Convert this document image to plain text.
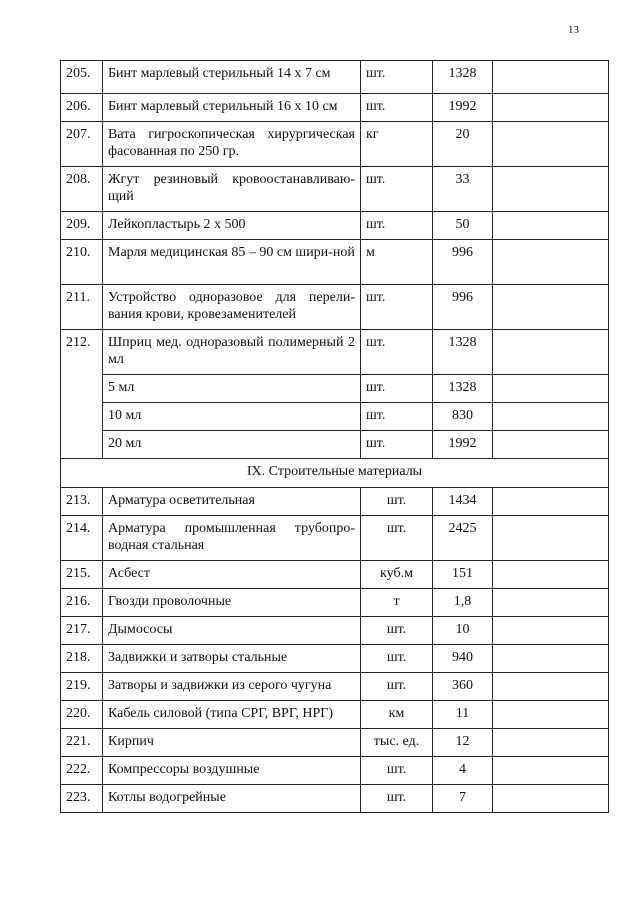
13
205.	Бинт марлевый стерильный 14 х 7 см	шт.	1328	
206.	Бинт марлевый стерильный 16 х 10 см	шт.	1992	
207.	Вата гигроскопическая хирургическая фасованная по 250 гр.	кг	20	
208.	Жгут резиновый кровоостанавливаю-щий	шт.	33	
209.	Лейкопластырь 2 х 500	шт.	50	
210.	Марля медицинская 85 – 90 см шири-ной	м	996	
211.	Устройство одноразовое для перели-вания крови, кровезаменителей	шт.	996	
212.	Шприц мед. одноразовый полимерный 2 мл	шт.	1328	
	5 мл	шт.	1328	
	10 мл	шт.	830	
	20 мл	шт.	1992	
IX. Строительные материалы				
213.	Арматура осветительная	шт.	1434	
214.	Арматура промышленная трубопро-водная стальная	шт.	2425	
215.	Асбест	куб.м	151	
216.	Гвозди проволочные	т	1,8	
217.	Дымососы	шт.	10	
218.	Задвижки и затворы стальные	шт.	940	
219.	Затворы и задвижки из серого чугуна	шт.	360	
220.	Кабель силовой (типа СРГ, ВРГ, НРГ)	км	11	
221.	Кирпич	тыс. ед.	12	
222.	Компрессоры воздушные	шт.	4	
223.	Котлы водогрейные	шт.	7	
